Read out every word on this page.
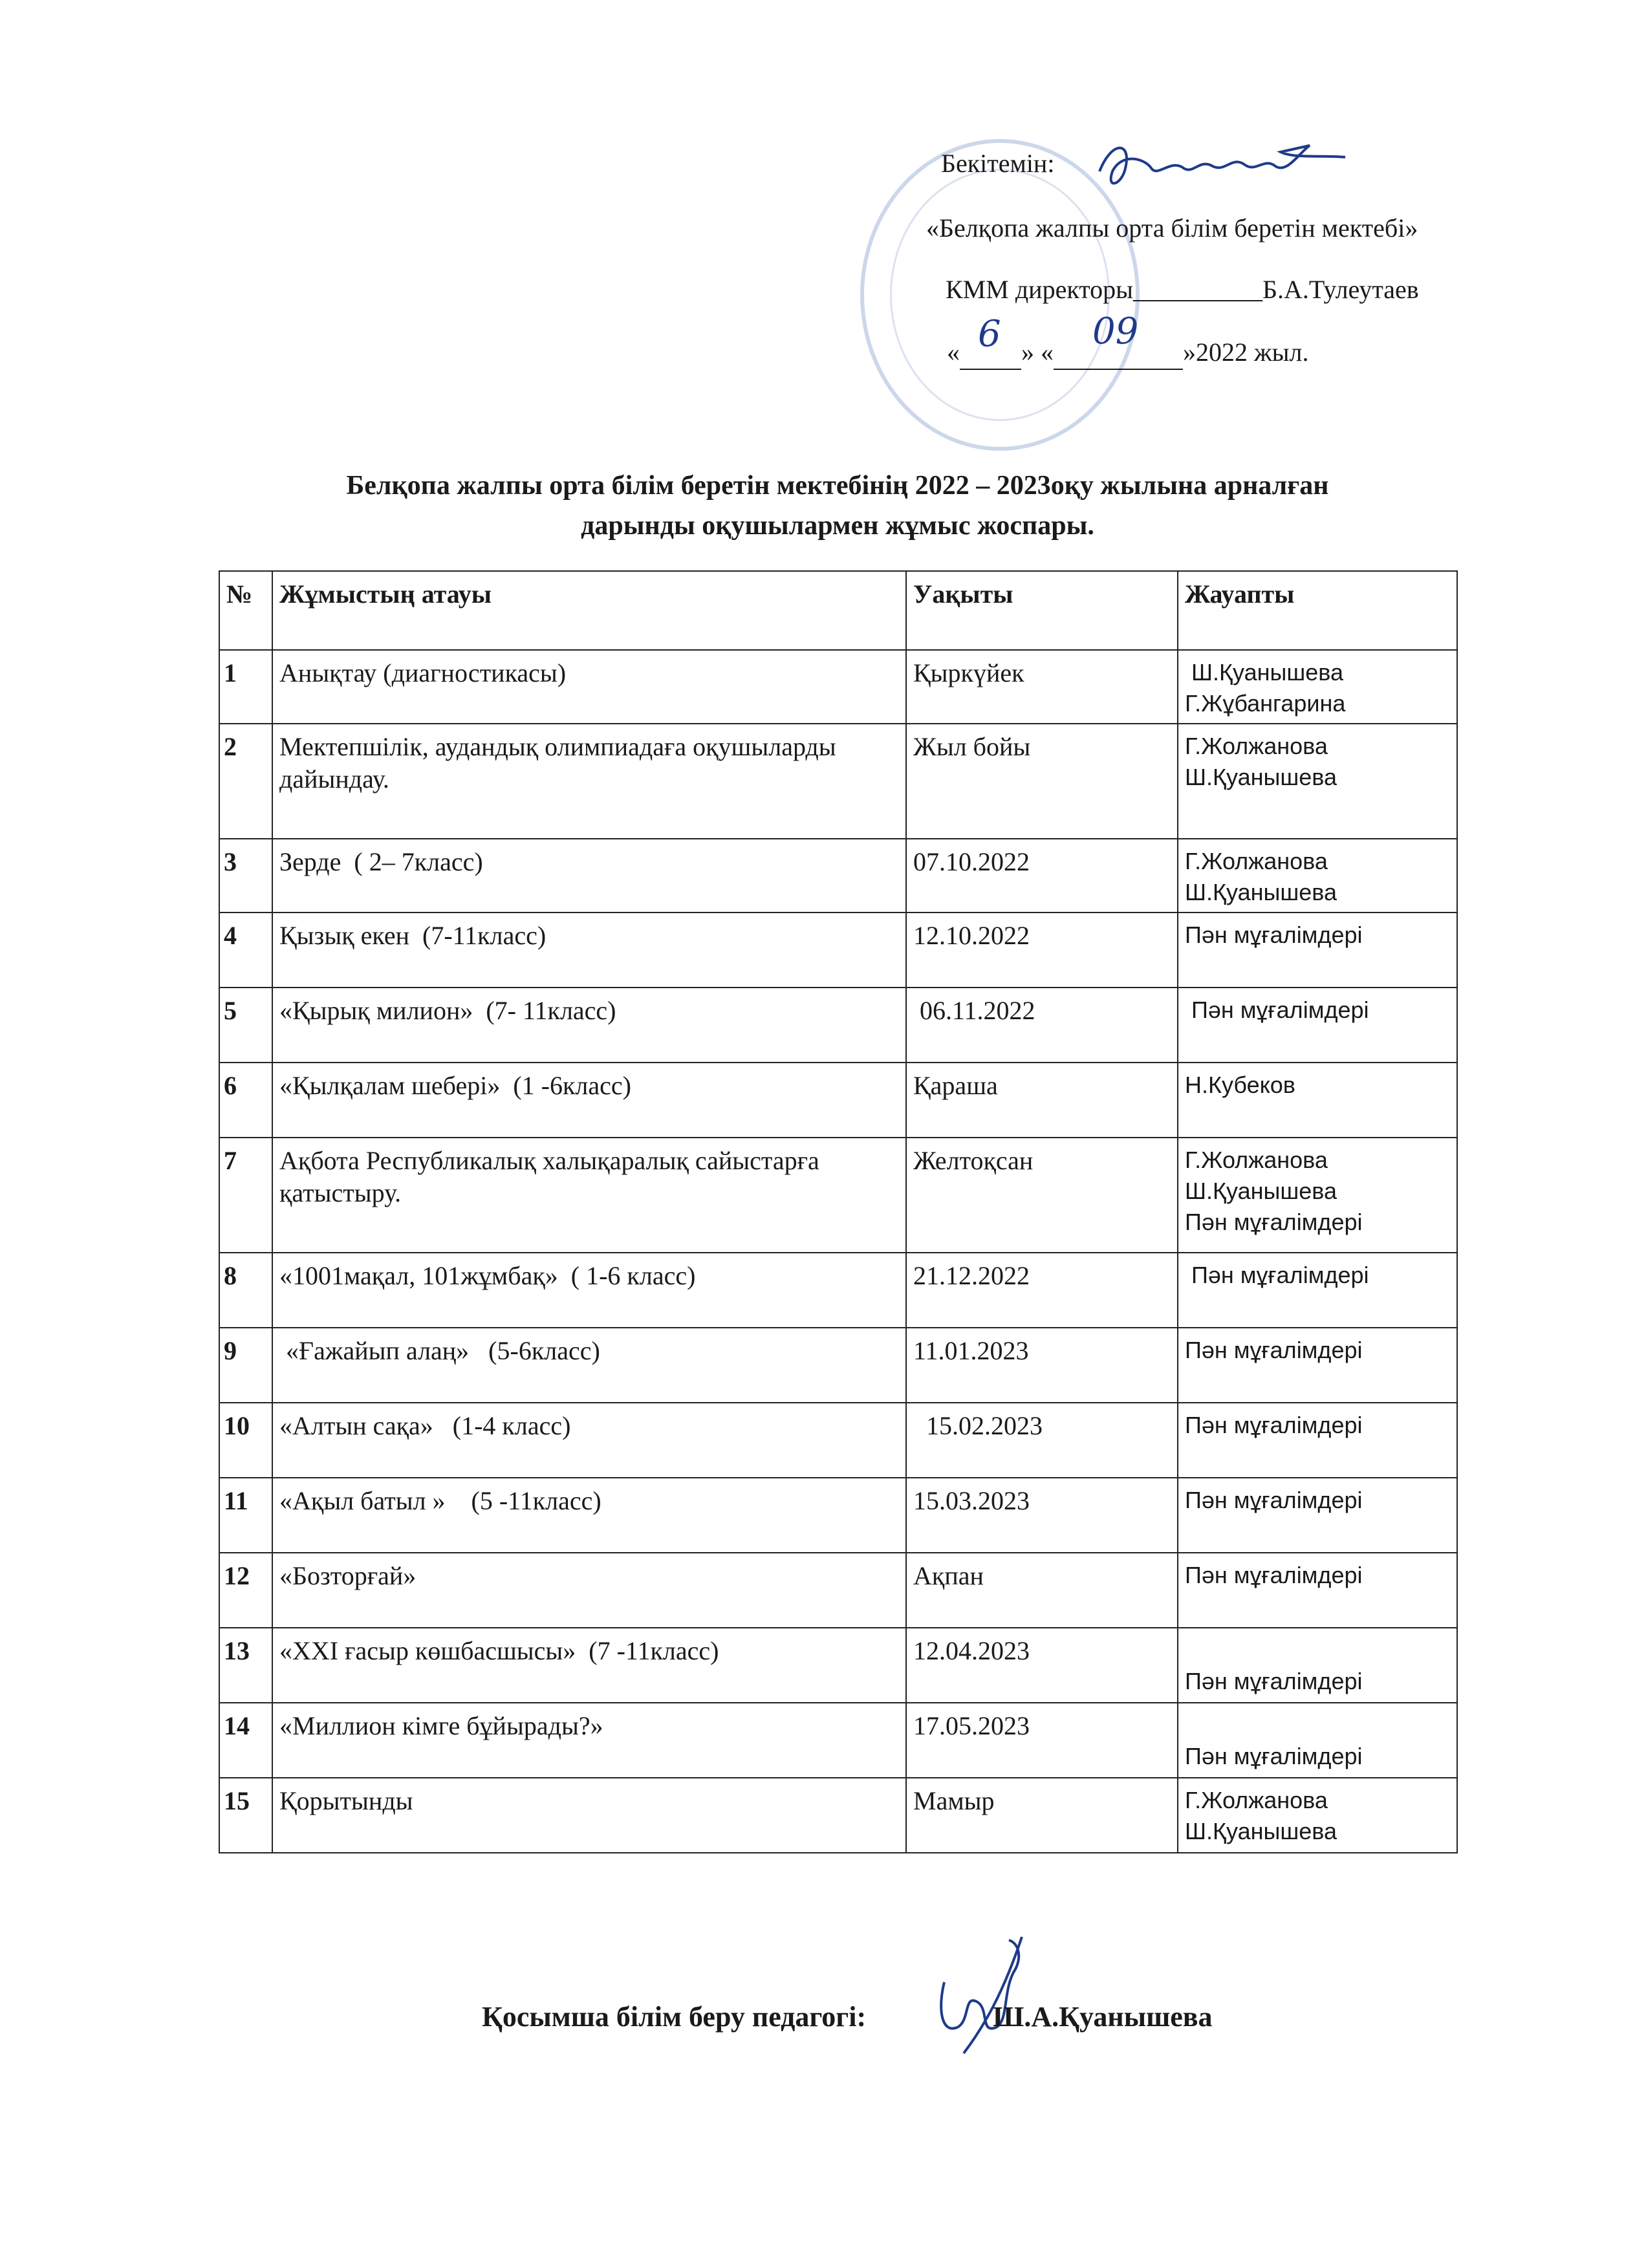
Бекітемін:
«Белқопа жалпы орта білім беретін мектебі»
КММ директоры__________Б.А.Тулеутаев
« 6 » « 09 »2022 жыл.
Белқопа жалпы орта білім беретін мектебінің 2022 – 2023оқу жылына арналған
дарынды оқушылармен жұмыс жоспары.
№	Жұмыстың атауы	Уақыты	Жауапты
1	Анықтау (диагностикасы)	Қыркүйек	Ш.Қуанышева
Г.Жұбангарина

2	Мектепшілік, аудандық олимпиадаға оқушыларды дайындау.	Жыл бойы	Г.Жолжанова
Ш.Қуанышева

3	Зерде  ( 2– 7класс)	07.10.2022	Г.Жолжанова
Ш.Қуанышева

4	Қызық екен  (7-11класс)	12.10.2022	Пән мұғалімдері

5	«Қырық милион»  (7- 11класс)	06.11.2022	Пән мұғалімдері

6	«Қылқалам шебері»  (1 -6класс)	Қараша	Н.Кубеков

7	Ақбота Республикалық халықаралық сайыстарға қатыстыру.	Желтоқсан	Г.Жолжанова
Ш.Қуанышева
Пән мұғалімдері

8	«1001мақал, 101жұмбақ»  ( 1-6 класс)	21.12.2022	Пән мұғалімдері

9	«Ғажайып алаң»   (5-6класс)	11.01.2023	Пән мұғалімдері

10	«Алтын сақа»   (1-4 класс)	15.02.2023	Пән мұғалімдері

11	«Ақыл батыл »    (5 -11класс)	15.03.2023	Пән мұғалімдері

12	«Бозторғай»	Ақпан	Пән мұғалімдері

13	«XXI ғасыр көшбасшысы»  (7 -11класс)	12.04.2023	Пән мұғалімдері

14	«Миллион кімге бұйырады?»	17.05.2023	Пән мұғалімдері

15	Қорытынды	Мамыр	Г.Жолжанова
Ш.Қуанышева
Қосымша білім беру педагогі:	Ш.А.Қуанышева
